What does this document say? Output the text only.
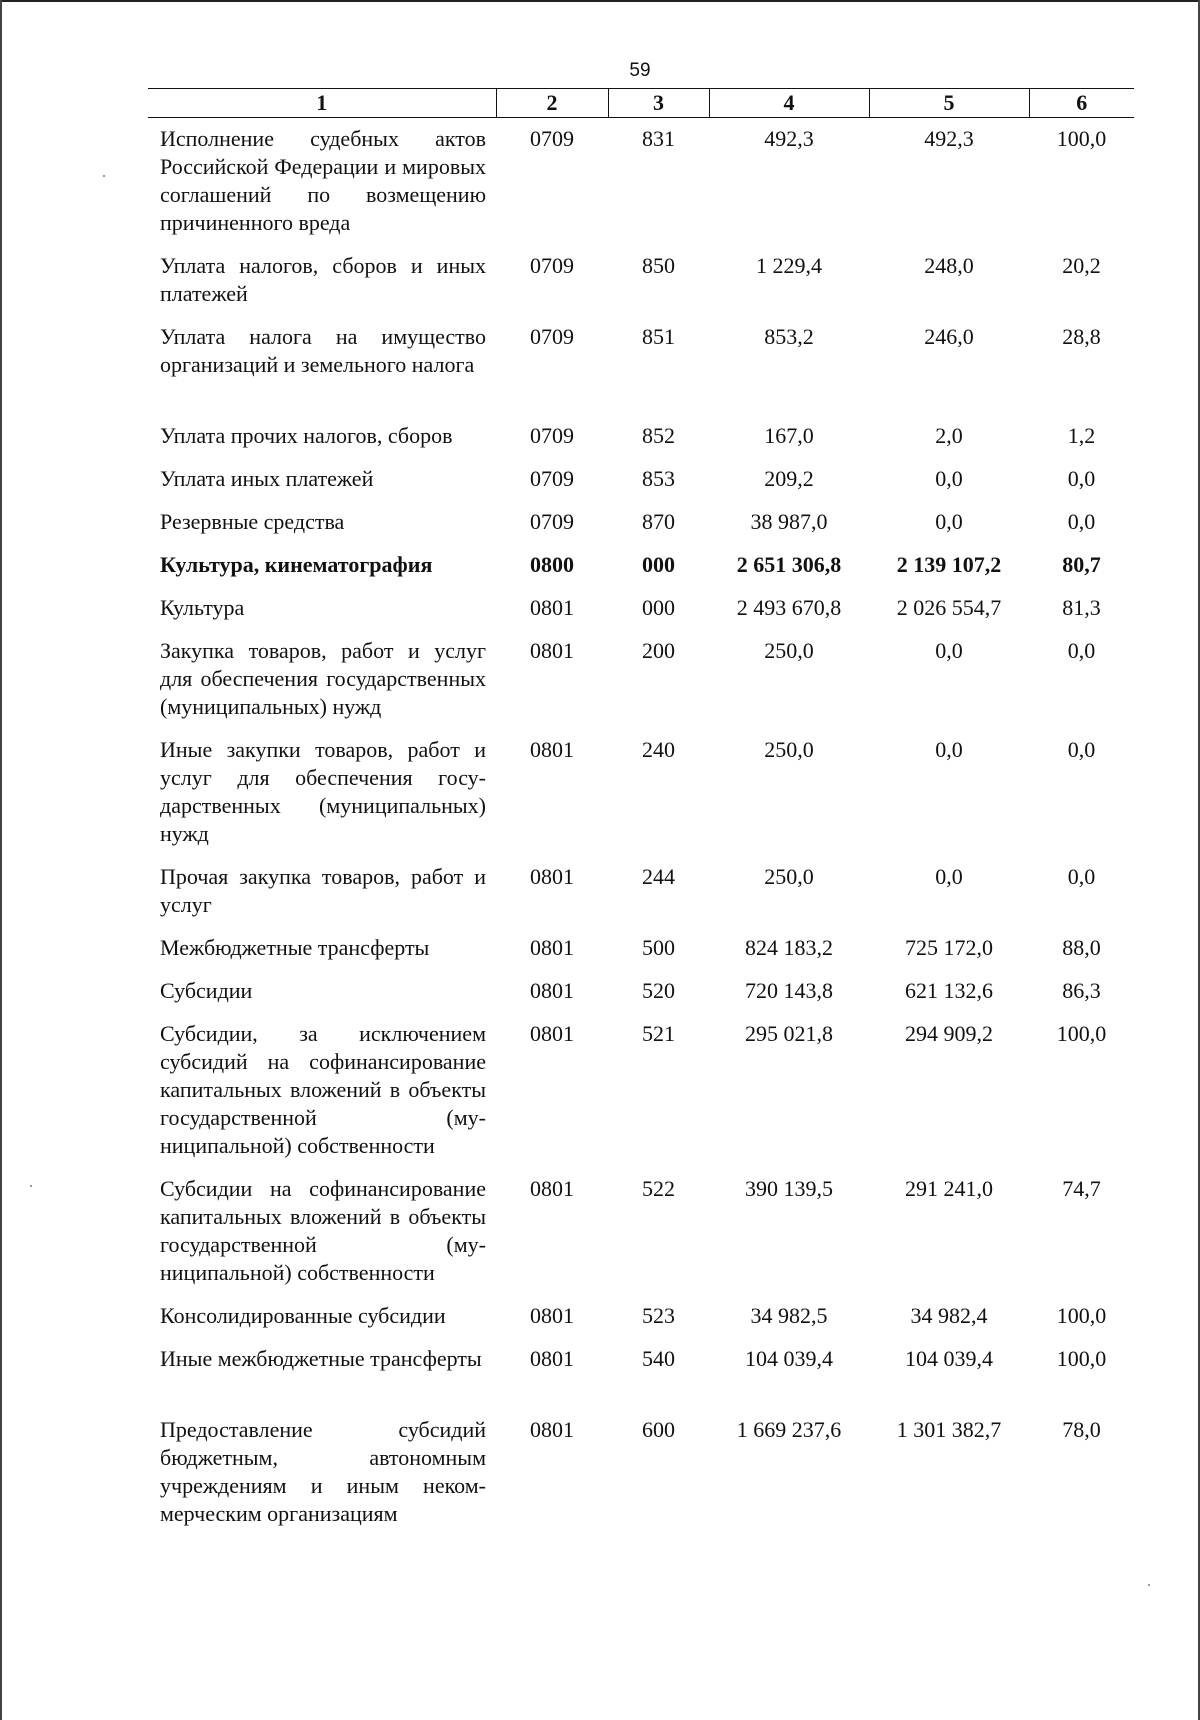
59
1	2	3	4	5	6
Исполнение судебных актов Российской Федерации и мировых соглашений по возмещению причиненного вреда	0709	831	492,3	492,3	100,0
Уплата налогов, сборов и иных платежей	0709	850	1 229,4	248,0	20,2
Уплата налога на имущество организаций и земельного налога	0709	851	853,2	246,0	28,8
Уплата прочих налогов, сборов	0709	852	167,0	2,0	1,2
Уплата иных платежей	0709	853	209,2	0,0	0,0
Резервные средства	0709	870	38 987,0	0,0	0,0
Культура, кинематография	0800	000	2 651 306,8	2 139 107,2	80,7
Культура	0801	000	2 493 670,8	2 026 554,7	81,3
Закупка товаров, работ и услуг для обеспечения государственных (муниципальных) нужд	0801	200	250,0	0,0	0,0
Иные закупки товаров, работ и услуг для обеспечения государственных (муниципальных) нужд	0801	240	250,0	0,0	0,0
Прочая закупка товаров, работ и услуг	0801	244	250,0	0,0	0,0
Межбюджетные трансферты	0801	500	824 183,2	725 172,0	88,0
Субсидии	0801	520	720 143,8	621 132,6	86,3
Субсидии, за исключением субсидий на софинансирование капитальных вложений в объекты государственной (муниципальной) собственности	0801	521	295 021,8	294 909,2	100,0
Субсидии на софинансирование капитальных вложений в объекты государственной (муниципальной) собственности	0801	522	390 139,5	291 241,0	74,7
Консолидированные субсидии	0801	523	34 982,5	34 982,4	100,0
Иные межбюджетные трансферты	0801	540	104 039,4	104 039,4	100,0
Предоставление субсидий бюджетным, автономным учреждениям и иным некоммерческим организациям	0801	600	1 669 237,6	1 301 382,7	78,0
